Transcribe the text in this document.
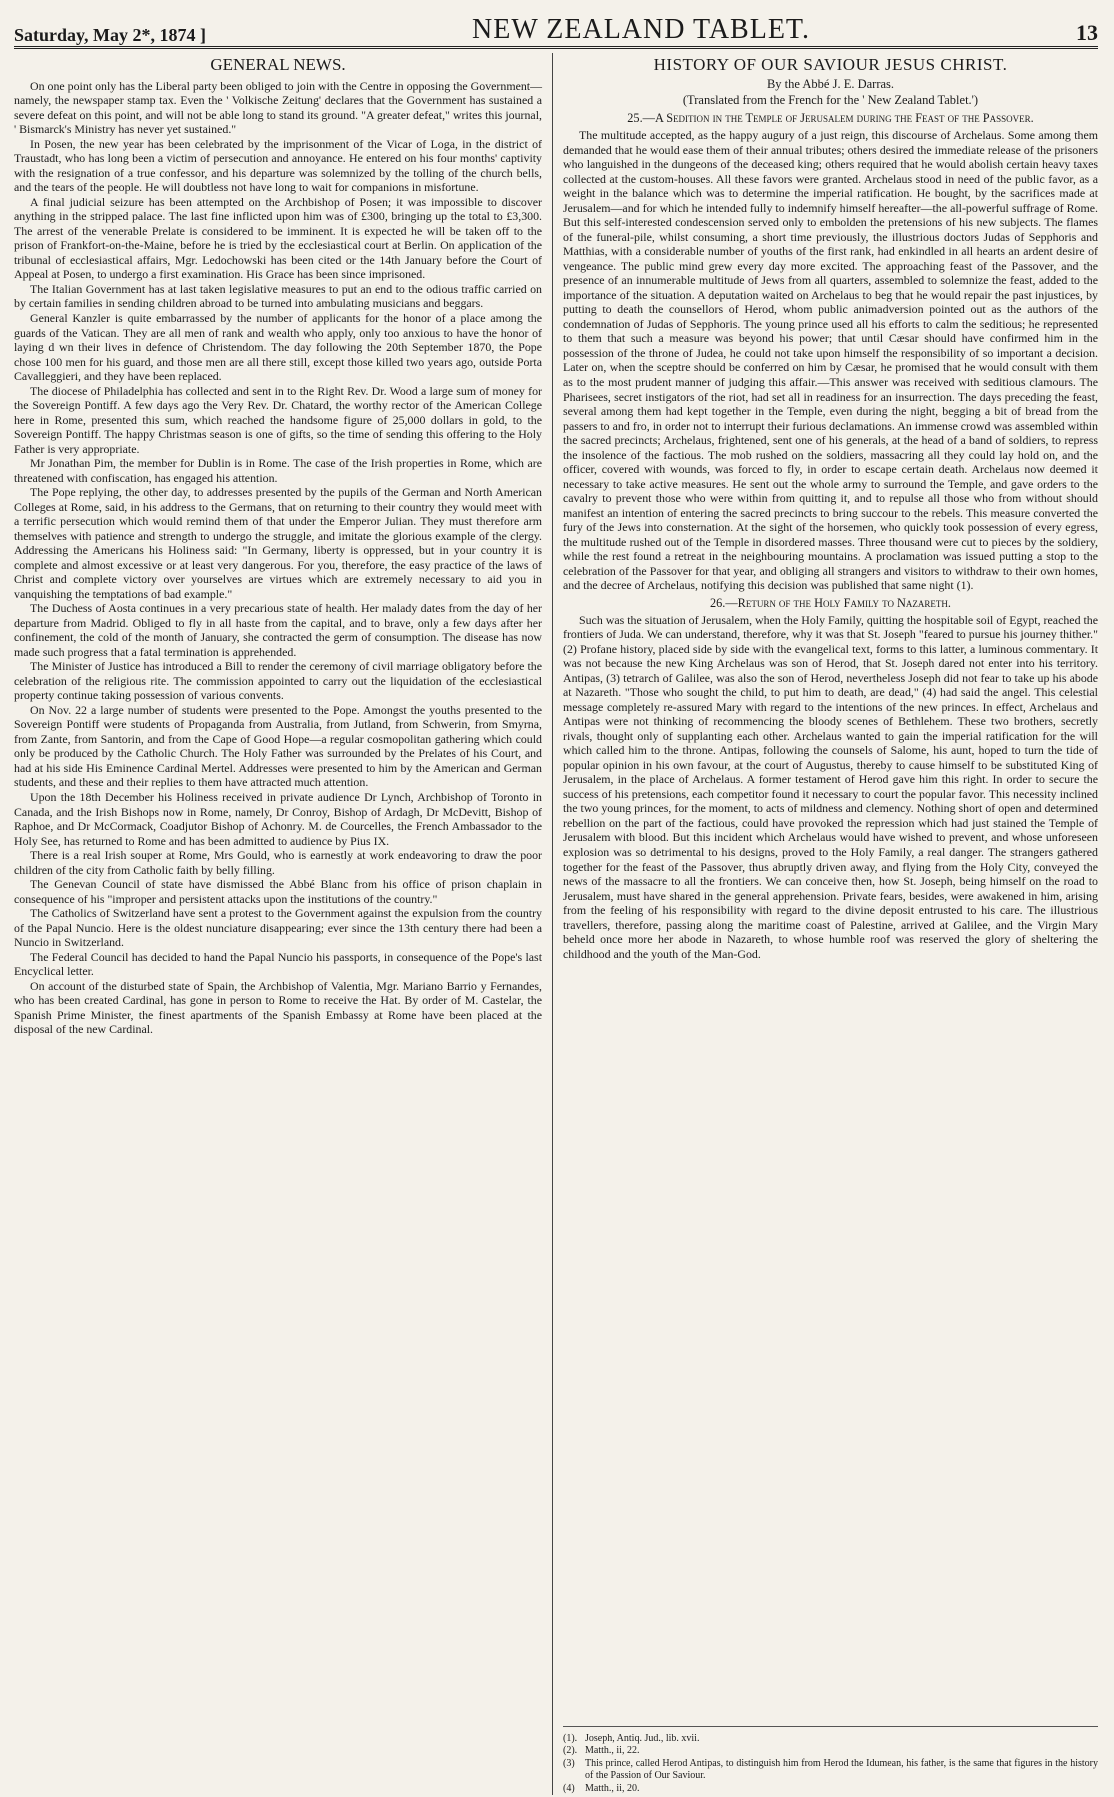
Saturday, May 2*, 1874 ]	NEW ZEALAND TABLET.	13
GENERAL NEWS.

On one point only has the Liberal party been obliged to join with the Centre in opposing the Government—namely, the newspaper stamp tax. Even the ' Volkische Zeitung' declares that the Government has sustained a severe defeat on this point, and will not be able long to stand its ground. "A greater defeat," writes this journal, ' Bismarck's Ministry has never yet sustained."

In Posen, the new year has been celebrated by the imprisonment of the Vicar of Loga, in the district of Traustadt, who has long been a victim of persecution and annoyance. He entered on his four months' captivity with the resignation of a true confessor, and his departure was solemnized by the tolling of the church bells, and the tears of the people. He will doubtless not have long to wait for companions in misfortune.

A final judicial seizure has been attempted on the Archbishop of Posen; it was impossible to discover anything in the stripped palace. The last fine inflicted upon him was of £300, bringing up the total to £3,300. The arrest of the venerable Prelate is considered to be imminent. It is expected he will be taken off to the prison of Frankfort-on-the-Maine, before he is tried by the ecclesiastical court at Berlin. On application of the tribunal of ecclesiastical affairs, Mgr. Ledochowski has been cited or the 14th January before the Court of Appeal at Posen, to undergo a first examination. His Grace has been since imprisoned.

The Italian Government has at last taken legislative measures to put an end to the odious traffic carried on by certain families in sending children abroad to be turned into ambulating musicians and beggars.

General Kanzler is quite embarrassed by the number of applicants for the honor of a place among the guards of the Vatican. They are all men of rank and wealth who apply, only too anxious to have the honor of laying d wn their lives in defence of Christendom. The day following the 20th September 1870, the Pope chose 100 men for his guard, and those men are all there still, except those killed two years ago, outside Porta Cavalleggieri, and they have been replaced.

The diocese of Philadelphia has collected and sent in to the Right Rev. Dr. Wood a large sum of money for the Sovereign Pontiff. A few days ago the Very Rev. Dr. Chatard, the worthy rector of the American College here in Rome, presented this sum, which reached the handsome figure of 25,000 dollars in gold, to the Sovereign Pontiff. The happy Christmas season is one of gifts, so the time of sending this offering to the Holy Father is very appropriate.

Mr Jonathan Pim, the member for Dublin is in Rome. The case of the Irish properties in Rome, which are threatened with confiscation, has engaged his attention.

The Pope replying, the other day, to addresses presented by the pupils of the German and North American Colleges at Rome, said, in his address to the Germans, that on returning to their country they would meet with a terrific persecution which would remind them of that under the Emperor Julian. They must therefore arm themselves with patience and strength to undergo the struggle, and imitate the glorious example of the clergy. Addressing the Americans his Holiness said: "In Germany, liberty is oppressed, but in your country it is complete and almost excessive or at least very dangerous. For you, therefore, the easy practice of the laws of Christ and complete victory over yourselves are virtues which are extremely necessary to aid you in vanquishing the temptations of bad example."

The Duchess of Aosta continues in a very precarious state of health. Her malady dates from the day of her departure from Madrid. Obliged to fly in all haste from the capital, and to brave, only a few days after her confinement, the cold of the month of January, she contracted the germ of consumption. The disease has now made such progress that a fatal termination is apprehended.

The Minister of Justice has introduced a Bill to render the ceremony of civil marriage obligatory before the celebration of the religious rite. The commission appointed to carry out the liquidation of the ecclesiastical property continue taking possession of various convents.

On Nov. 22 a large number of students were presented to the Pope. Amongst the youths presented to the Sovereign Pontiff were students of Propaganda from Australia, from Jutland, from Schwerin, from Smyrna, from Zante, from Santorin, and from the Cape of Good Hope—a regular cosmopolitan gathering which could only be produced by the Catholic Church. The Holy Father was surrounded by the Prelates of his Court, and had at his side His Eminence Cardinal Mertel. Addresses were presented to him by the American and German students, and these and their replies to them have attracted much attention.

Upon the 18th December his Holiness received in private audience Dr Lynch, Archbishop of Toronto in Canada, and the Irish Bishops now in Rome, namely, Dr Conroy, Bishop of Ardagh, Dr McDevitt, Bishop of Raphoe, and Dr McCormack, Coadjutor Bishop of Achonry. M. de Courcelles, the French Ambassador to the Holy See, has returned to Rome and has been admitted to audience by Pius IX.

There is a real Irish souper at Rome, Mrs Gould, who is earnestly at work endeavoring to draw the poor children of the city from Catholic faith by belly filling.

The Genevan Council of state have dismissed the Abbé Blanc from his office of prison chaplain in consequence of his "improper and persistent attacks upon the institutions of the country."

The Catholics of Switzerland have sent a protest to the Government against the expulsion from the country of the Papal Nuncio. Here is the oldest nunciature disappearing; ever since the 13th century there had been a Nuncio in Switzerland.

The Federal Council has decided to hand the Papal Nuncio his passports, in consequence of the Pope's last Encyclical letter.

On account of the disturbed state of Spain, the Archbishop of Valentia, Mgr. Mariano Barrio y Fernandes, who has been created Cardinal, has gone in person to Rome to receive the Hat. By order of M. Castelar, the Spanish Prime Minister, the finest apartments of the Spanish Embassy at Rome have been placed at the disposal of the new Cardinal.

HISTORY OF OUR SAVIOUR JESUS CHRIST.
By the Abbé J. E. Darras.
(Translated from the French for the ' New Zealand Tablet.')
25.—A Sedition in the Temple of Jerusalem during the Feast of the Passover.

The multitude accepted, as the happy augury of a just reign, this discourse of Archelaus. Some among them demanded that he would ease them of their annual tributes; others desired the immediate release of the prisoners who languished in the dungeons of the deceased king; others required that he would abolish certain heavy taxes collected at the custom-houses. All these favors were granted. Archelaus stood in need of the public favor, as a weight in the balance which was to determine the imperial ratification. He bought, by the sacrifices made at Jerusalem—and for which he intended fully to indemnify himself hereafter—the all-powerful suffrage of Rome. But this self-interested condescension served only to embolden the pretensions of his new subjects. The flames of the funeral-pile, whilst consuming, a short time previously, the illustrious doctors Judas of Sepphoris and Matthias, with a considerable number of youths of the first rank, had enkindled in all hearts an ardent desire of vengeance. The public mind grew every day more excited. The approaching feast of the Passover, and the presence of an innumerable multitude of Jews from all quarters, assembled to solemnize the feast, added to the importance of the situation. A deputation waited on Archelaus to beg that he would repair the past injustices, by putting to death the counsellors of Herod, whom public animadversion pointed out as the authors of the condemnation of Judas of Sepphoris. The young prince used all his efforts to calm the seditious; he represented to them that such a measure was beyond his power; that until Cæsar should have confirmed him in the possession of the throne of Judea, he could not take upon himself the responsibility of so important a decision. Later on, when the sceptre should be conferred on him by Cæsar, he promised that he would consult with them as to the most prudent manner of judging this affair.—This answer was received with seditious clamours. The Pharisees, secret instigators of the riot, had set all in readiness for an insurrection. The days preceding the feast, several among them had kept together in the Temple, even during the night, begging a bit of bread from the passers to and fro, in order not to interrupt their furious declamations. An immense crowd was assembled within the sacred precincts; Archelaus, frightened, sent one of his generals, at the head of a band of soldiers, to repress the insolence of the factious. The mob rushed on the soldiers, massacring all they could lay hold on, and the officer, covered with wounds, was forced to fly, in order to escape certain death. Archelaus now deemed it necessary to take active measures. He sent out the whole army to surround the Temple, and gave orders to the cavalry to prevent those who were within from quitting it, and to repulse all those who from without should manifest an intention of entering the sacred precincts to bring succour to the rebels. This measure converted the fury of the Jews into consternation. At the sight of the horsemen, who quickly took possession of every egress, the multitude rushed out of the Temple in disordered masses. Three thousand were cut to pieces by the soldiery, while the rest found a retreat in the neighbouring mountains. A proclamation was issued putting a stop to the celebration of the Passover for that year, and obliging all strangers and visitors to withdraw to their own homes, and the decree of Archelaus, notifying this decision was published that same night (1).

26.—Return of the Holy Family to Nazareth.

Such was the situation of Jerusalem, when the Holy Family, quitting the hospitable soil of Egypt, reached the frontiers of Juda. We can understand, therefore, why it was that St. Joseph "feared to pursue his journey thither." (2) Profane history, placed side by side with the evangelical text, forms to this latter, a luminous commentary. It was not because the new King Archelaus was son of Herod, that St. Joseph dared not enter into his territory. Antipas, (3) tetrarch of Galilee, was also the son of Herod, nevertheless Joseph did not fear to take up his abode at Nazareth. "Those who sought the child, to put him to death, are dead," (4) had said the angel. This celestial message completely re-assured Mary with regard to the intentions of the new princes. In effect, Archelaus and Antipas were not thinking of recommencing the bloody scenes of Bethlehem. These two brothers, secretly rivals, thought only of supplanting each other. Archelaus wanted to gain the imperial ratification for the will which called him to the throne. Antipas, following the counsels of Salome, his aunt, hoped to turn the tide of popular opinion in his own favour, at the court of Augustus, thereby to cause himself to be substituted King of Jerusalem, in the place of Archelaus. A former testament of Herod gave him this right. In order to secure the success of his pretensions, each competitor found it necessary to court the popular favor. This necessity inclined the two young princes, for the moment, to acts of mildness and clemency. Nothing short of open and determined rebellion on the part of the factious, could have provoked the repression which had just stained the Temple of Jerusalem with blood. But this incident which Archelaus would have wished to prevent, and whose unforeseen explosion was so detrimental to his designs, proved to the Holy Family, a real danger. The strangers gathered together for the feast of the Passover, thus abruptly driven away, and flying from the Holy City, conveyed the news of the massacre to all the frontiers. We can conceive then, how St. Joseph, being himself on the road to Jerusalem, must have shared in the general apprehension. Private fears, besides, were awakened in him, arising from the feeling of his responsibility with regard to the divine deposit entrusted to his care. The illustrious travellers, therefore, passing along the maritime coast of Palestine, arrived at Galilee, and the Virgin Mary beheld once more her abode in Nazareth, to whose humble roof was reserved the glory of sheltering the childhood and the youth of the Man-God.

(1). Joseph, Antiq. Jud., lib. xvii.
(2). Matth., ii, 22.
(3)	This prince, called Herod Antipas, to distinguish him from Herod the Idumean, his father, is the same that figures in the history of the Passion of Our Saviour.
(4)	Matth., ii, 20.
